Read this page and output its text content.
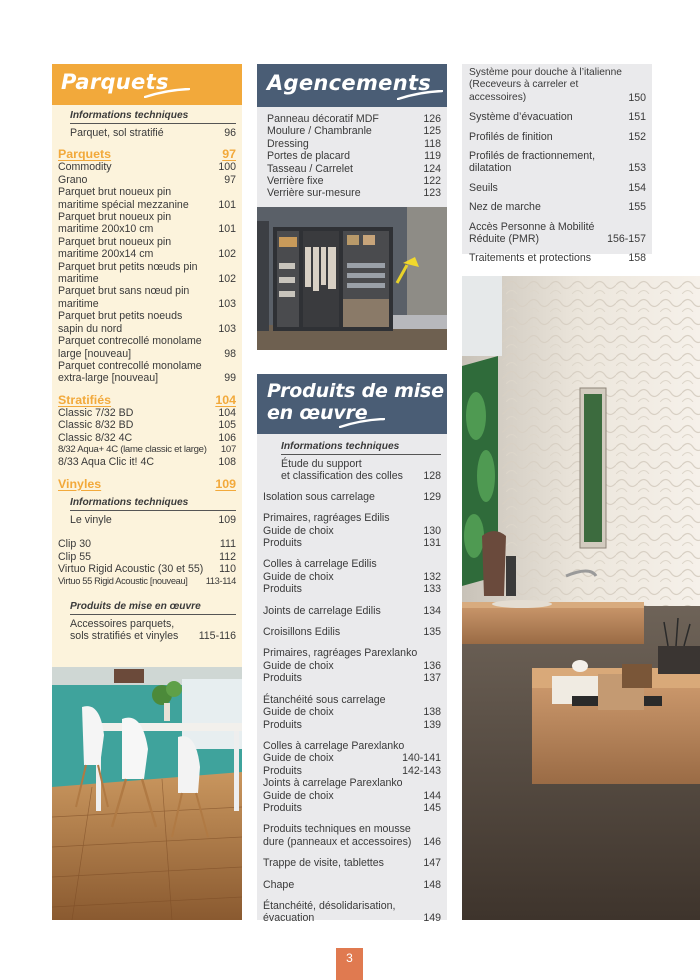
Parquets
Informations techniques
Parquet, sol stratifié	96
Parquets	97
Commodity	100
Grano	97
Parquet brut noueux pin maritime spécial mezzanine	101
Parquet brut noueux pin maritime 200x10 cm	101
Parquet brut noueux pin maritime 200x14 cm	102
Parquet brut petits nœuds pin maritime	102
Parquet brut sans nœud pin maritime	103
Parquet brut petits noeuds sapin du nord	103
Parquet contrecollé monolame large [nouveau]	98
Parquet contrecollé monolame extra-large [nouveau]	99
Stratifiés	104
Classic 7/32 BD	104
Classic 8/32 BD	105
Classic 8/32 4C	106
8/32 Aqua+ 4C (lame classic et large)	107
8/33 Aqua Clic it! 4C	108
Vinyles	109
Informations techniques
Le vinyle	109
Clip 30	111
Clip 55	112
Virtuo Rigid Acoustic (30 et 55)	110
Virtuo 55 Rigid Acoustic [nouveau]	113-114
Produits de mise en œuvre
Accessoires parquets, sols stratifiés et vinyles	115-116
Agencements
Panneau décoratif MDF	126
Moulure / Chambranle	125
Dressing	118
Portes de placard	119
Tasseau / Carrelet	124
Verrière fixe	122
Verrière sur-mesure	123
Produits de mise
en œuvre
Informations techniques
Étude du support
et classification des colles	128
Isolation sous carrelage	129
Primaires, ragréages Edilis
Guide de choix	130
Produits	131
Colles à carrelage Edilis
Guide de choix	132
Produits	133
Joints de carrelage Edilis	134
Croisillons Edilis	135
Primaires, ragréages Parexlanko
Guide de choix	136
Produits	137
Étanchéité sous carrelage
Guide de choix	138
Produits	139
Colles à carrelage Parexlanko
Guide de choix	140-141
Produits	142-143
Joints à carrelage Parexlanko
Guide de choix	144
Produits	145
Produits techniques en mousse dure (panneaux et accessoires)	146
Trappe de visite, tablettes	147
Chape	148
Étanchéité, désolidarisation, évacuation	149
Système pour douche à l’italienne (Receveurs à carreler et accessoires)	150
Système d’évacuation	151
Profilés de finition	152
Profilés de fractionnement, dilatation	153
Seuils	154
Nez de marche	155
Accès Personne à Mobilité Réduite (PMR)	156-157
Traitements et protections	158
3
